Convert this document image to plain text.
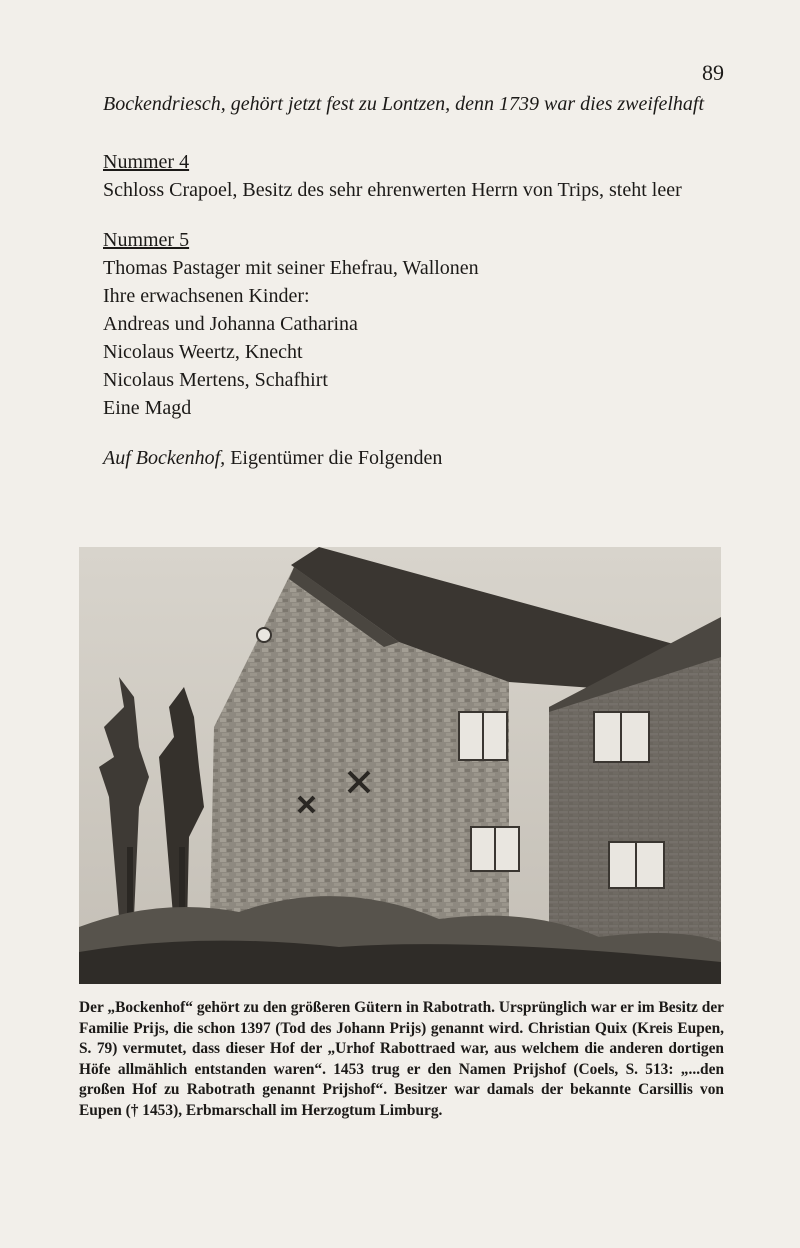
89

Bockendriesch, gehört jetzt fest zu Lontzen, denn 1739 war dies zweifelhaft

Nummer 4
Schloss Crapoel, Besitz des sehr ehrenwerten Herrn von Trips, steht leer
Nummer 5
Thomas Pastager mit seiner Ehefrau, Wallonen
Ihre erwachsenen Kinder:
Andreas und Johanna Catharina
Nicolaus Weertz, Knecht
Nicolaus Mertens, Schafhirt
Eine Magd
Auf Bockenhof, Eigentümer die Folgenden
Der „Bockenhof“ gehört zu den größeren Gütern in Rabotrath. Ursprünglich war er im Besitz der Familie Prijs, die schon 1397 (Tod des Johann Prijs) genannt wird. Christian Quix (Kreis Eupen, S. 79) vermutet, dass dieser Hof der „Urhof Rabottraed war, aus welchem die anderen dortigen Höfe allmählich entstanden waren“. 1453 trug er den Namen Prijshof (Coels, S. 513: „...den großen Hof zu Rabotrath genannt Prijshof“. Besitzer war damals der bekannte Carsillis von Eupen († 1453), Erbmarschall im Herzogtum Limburg.
